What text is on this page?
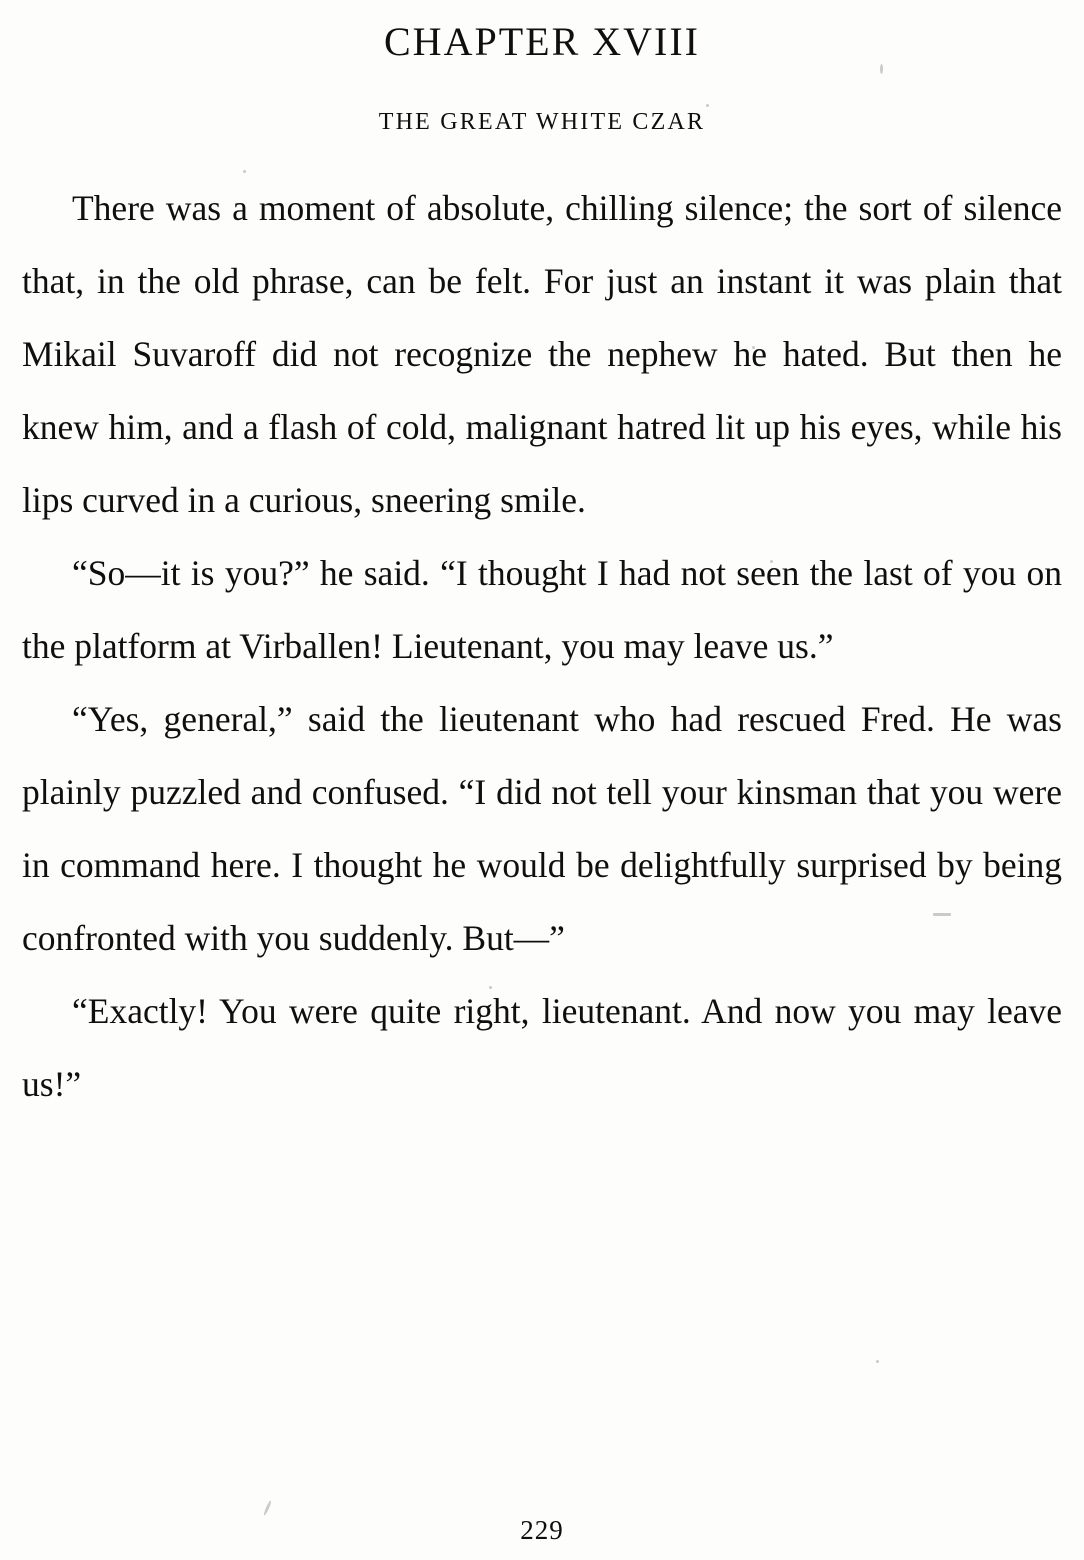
CHAPTER XVIII
THE GREAT WHITE CZAR

There was a moment of absolute, chilling silence; the sort of silence that, in the old phrase, can be felt. For just an instant it was plain that Mikail Suvaroff did not recognize the nephew he hated. But then he knew him, and a flash of cold, malignant hatred lit up his eyes, while his lips curved in a curious, sneering smile.

“So—it is you?” he said. “I thought I had not seen the last of you on the platform at Virballen! Lieutenant, you may leave us.”

“Yes, general,” said the lieutenant who had rescued Fred. He was plainly puzzled and confused. “I did not tell your kinsman that you were in command here. I thought he would be delightfully surprised by being confronted with you suddenly. But—”

“Exactly! You were quite right, lieutenant. And now you may leave us!”

229
